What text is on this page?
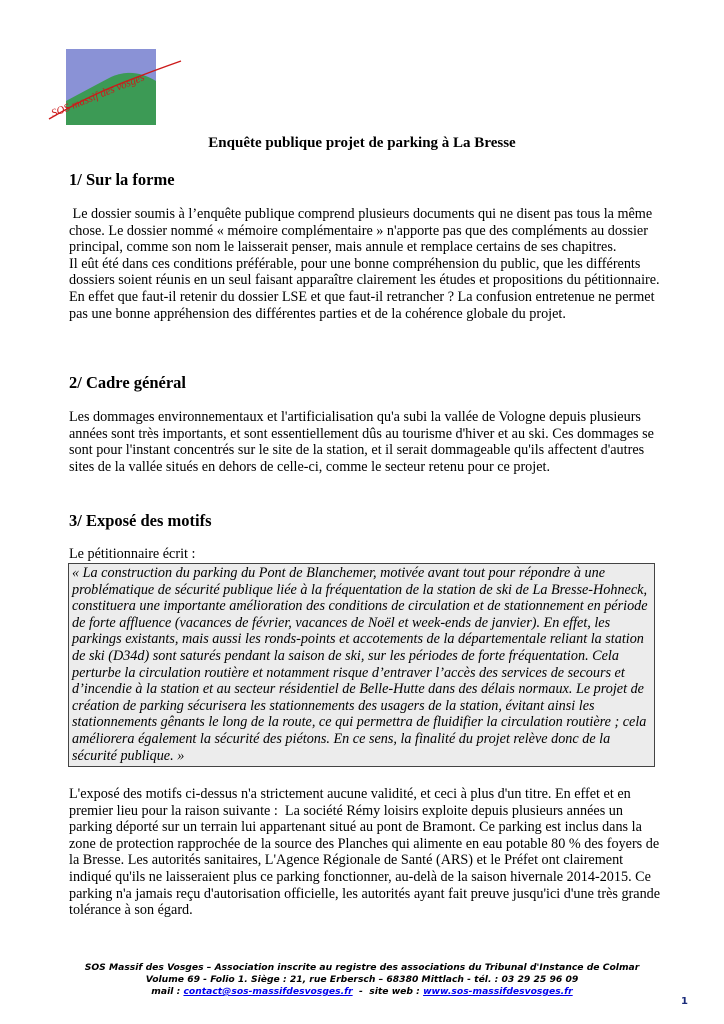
SOS massif des vosges
Enquête publique projet de parking à La Bresse
1/ Sur la forme

Le dossier soumis à l’enquête publique comprend plusieurs documents qui ne disent pas tous la même chose. Le dossier nommé « mémoire complémentaire » n'apporte pas que des compléments au dossier principal, comme son nom le laisserait penser, mais annule et remplace certains de ses chapitres.

Il eût été dans ces conditions préférable, pour une bonne compréhension du public, que les différents dossiers soient réunis en un seul faisant apparaître clairement les études et propositions du pétitionnaire.

En effet que faut-il retenir du dossier LSE et que faut-il retrancher ? La confusion entretenue ne permet pas une bonne appréhension des différentes parties et de la cohérence globale du projet.

2/ Cadre général

Les dommages environnementaux et l'artificialisation qu'a subi la vallée de Vologne depuis plusieurs années sont très importants, et sont essentiellement dûs au tourisme d'hiver et au ski. Ces dommages se sont pour l'instant concentrés sur le site de la station, et il serait dommageable qu'ils affectent d'autres sites de la vallée situés en dehors de celle-ci, comme le secteur retenu pour ce projet.

3/ Exposé des motifs
Le pétitionnaire écrit :
« La construction du parking du Pont de Blanchemer, motivée avant tout pour répondre à une problématique de sécurité publique liée à la fréquentation de la station de ski de La Bresse-Hohneck, constituera une importante amélioration des conditions de circulation et de stationnement en période de forte affluence (vacances de février, vacances de Noël et week-ends de janvier). En effet, les parkings existants, mais aussi les ronds-points et accotements de la départementale reliant la station de ski (D34d) sont saturés pendant la saison de ski, sur les périodes de forte fréquentation. Cela perturbe la circulation routière et notamment risque d’entraver l’accès des services de secours et d’incendie à la station et au secteur résidentiel de Belle-Hutte dans des délais normaux. Le projet de création de parking sécurisera les stationnements des usagers de la station, évitant ainsi les stationnements gênants le long de la route, ce qui permettra de fluidifier la circulation routière ; cela améliorera également la sécurité des piétons. En ce sens, la finalité du projet relève donc de la sécurité publique. »

L'exposé des motifs ci-dessus n'a strictement aucune validité, et ceci à plus d'un titre. En effet et en premier lieu pour la raison suivante :  La société Rémy loisirs exploite depuis plusieurs années un parking déporté sur un terrain lui appartenant situé au pont de Bramont. Ce parking est inclus dans la zone de protection rapprochée de la source des Planches qui alimente en eau potable 80 % des foyers de la Bresse. Les autorités sanitaires, L'Agence Régionale de Santé (ARS) et le Préfet ont clairement indiqué qu'ils ne laisseraient plus ce parking fonctionner, au-delà de la saison hivernale 2014-2015. Ce parking n'a jamais reçu d'autorisation officielle, les autorités ayant fait preuve jusqu'ici d'une très grande tolérance à son égard.

SOS Massif des Vosges – Association inscrite au registre des associations du Tribunal d'Instance de Colmar
Volume 69 - Folio 1. Siège : 21, rue Erbersch – 68380 Mittlach - tél. : 03 29 25 96 09
mail : contact@sos-massifdesvosges.fr  -  site web : www.sos-massifdesvosges.fr
1
